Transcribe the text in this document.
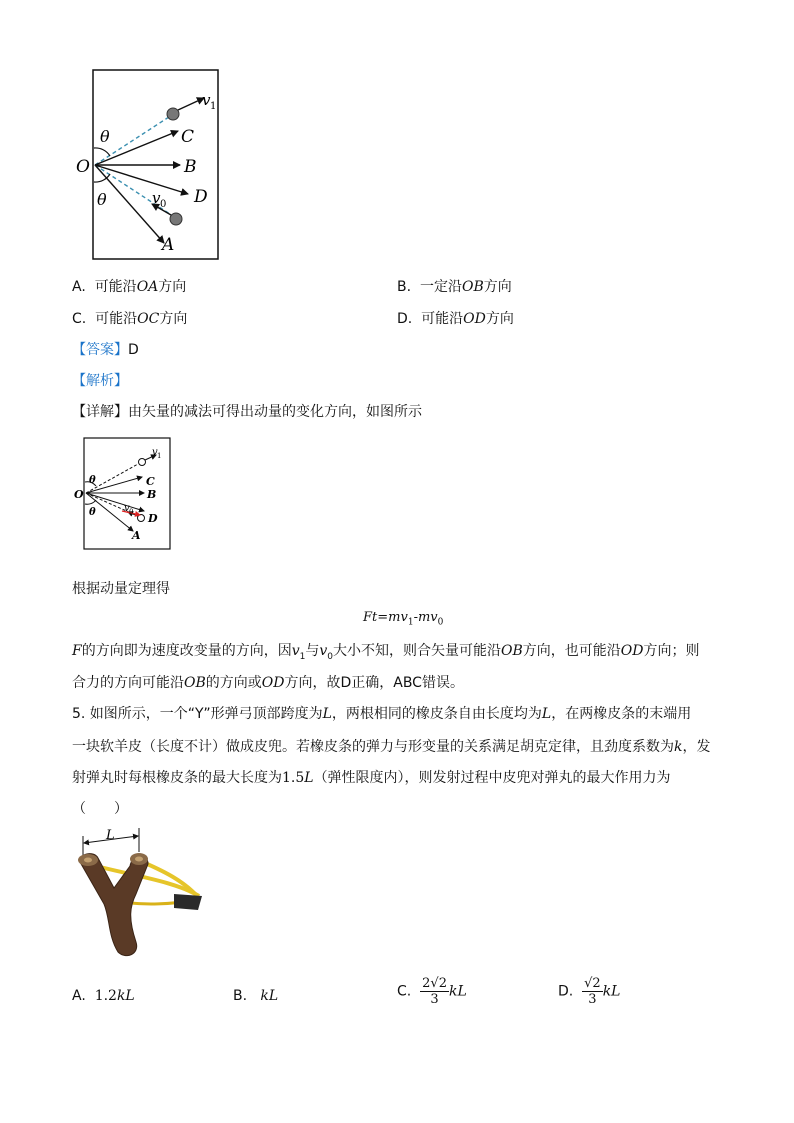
O
θ
θ
C
B
D
A
v 1
v 0
A. 可能沿OA方向	B. 一定沿OB方向
C. 可能沿OC方向	D. 可能沿OD方向
【答案】D
【解析】
【详解】由矢量的减法可得出动量的变化方向，如图所示
O
θ
θ
C
B
D
A
v 1
v 0
根据动量定理得
$Ft=mv_1-mv_0$
F的方向即为速度改变量的方向，因$v_1$与$v_0$大小不知，则合矢量可能沿OB方向，也可能沿OD方向；则
合力的方向可能沿OB的方向或OD方向，故D正确，ABC错误。
5. 如图所示，一个“Y”形弹弓顶部跨度为L，两根相同的橡皮条自由长度均为L，在两橡皮条的末端用
一块软羊皮（长度不计）做成皮兜。若橡皮条的弹力与形变量的关系满足胡克定律，且劲度系数为k，发
射弹丸时每根橡皮条的最大长度为1.5L（弹性限度内），则发射过程中皮兜对弹丸的最大作用力为
（　　）
L
A. 1.2kL	B. kL	C. $\frac{2√2}{3}$ kL	D. $\frac{√2}{3}$ kL
